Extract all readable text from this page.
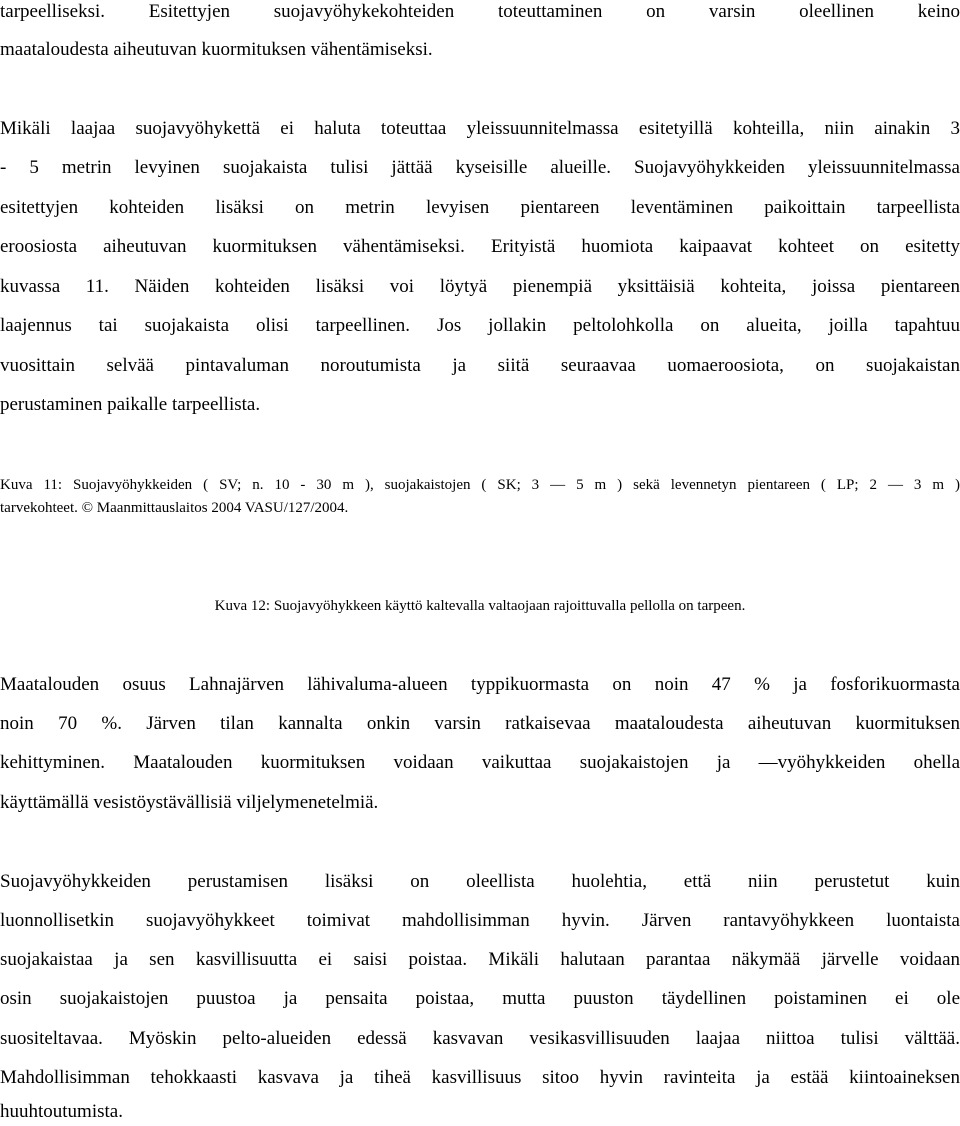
tarpeelliseksi. Esitettyjen suojavyöhykekohteiden toteuttaminen on varsin oleellinen keino

maataloudesta aiheutuvan kuormituksen vähentämiseksi.

Mikäli laajaa suojavyöhykettä ei haluta toteuttaa yleissuunnitelmassa esitetyillä kohteilla, niin ainakin 3

- 5 metrin levyinen suojakaista tulisi jättää kyseisille alueille. Suojavyöhykkeiden yleissuunnitelmassa

esitettyjen kohteiden lisäksi on metrin levyisen pientareen leventäminen paikoittain tarpeellista

eroosiosta aiheutuvan kuormituksen vähentämiseksi. Erityistä huomiota kaipaavat kohteet on esitetty

kuvassa 11. Näiden kohteiden lisäksi voi löytyä pienempiä yksittäisiä kohteita, joissa pientareen

laajennus tai suojakaista olisi tarpeellinen. Jos jollakin peltolohkolla on alueita, joilla tapahtuu

vuosittain selvää pintavaluman noroutumista ja siitä seuraavaa uomaeroosiota, on suojakaistan

perustaminen paikalle tarpeellista.

Kuva 11: Suojavyöhykkeiden ( SV; n. 10 - 30 m ), suojakaistojen ( SK; 3 — 5 m ) sekä levennetyn pientareen ( LP; 2 — 3 m )

tarvekohteet. © Maanmittauslaitos 2004 VASU/127/2004.

Kuva 12: Suojavyöhykkeen käyttö kaltevalla valtaojaan rajoittuvalla pellolla on tarpeen.

Maatalouden osuus Lahnajärven lähivaluma-alueen typpikuormasta on noin 47 % ja fosforikuormasta

noin 70 %. Järven tilan kannalta onkin varsin ratkaisevaa maataloudesta aiheutuvan kuormituksen

kehittyminen. Maatalouden kuormituksen voidaan vaikuttaa suojakaistojen ja —vyöhykkeiden ohella

käyttämällä vesistöystävällisiä viljelymenetelmiä.

Suojavyöhykkeiden perustamisen lisäksi on oleellista huolehtia, että niin perustetut kuin

luonnollisetkin suojavyöhykkeet toimivat mahdollisimman hyvin. Järven rantavyöhykkeen luontaista

suojakaistaa ja sen kasvillisuutta ei saisi poistaa. Mikäli halutaan parantaa näkymää järvelle voidaan

osin suojakaistojen puustoa ja pensaita poistaa, mutta puuston täydellinen poistaminen ei ole

suositeltavaa. Myöskin pelto-alueiden edessä kasvavan vesikasvillisuuden laajaa niittoa tulisi välttää.

Mahdollisimman tehokkaasti kasvava ja tiheä kasvillisuus sitoo hyvin ravinteita ja estää kiintoaineksen

huuhtoutumista.
